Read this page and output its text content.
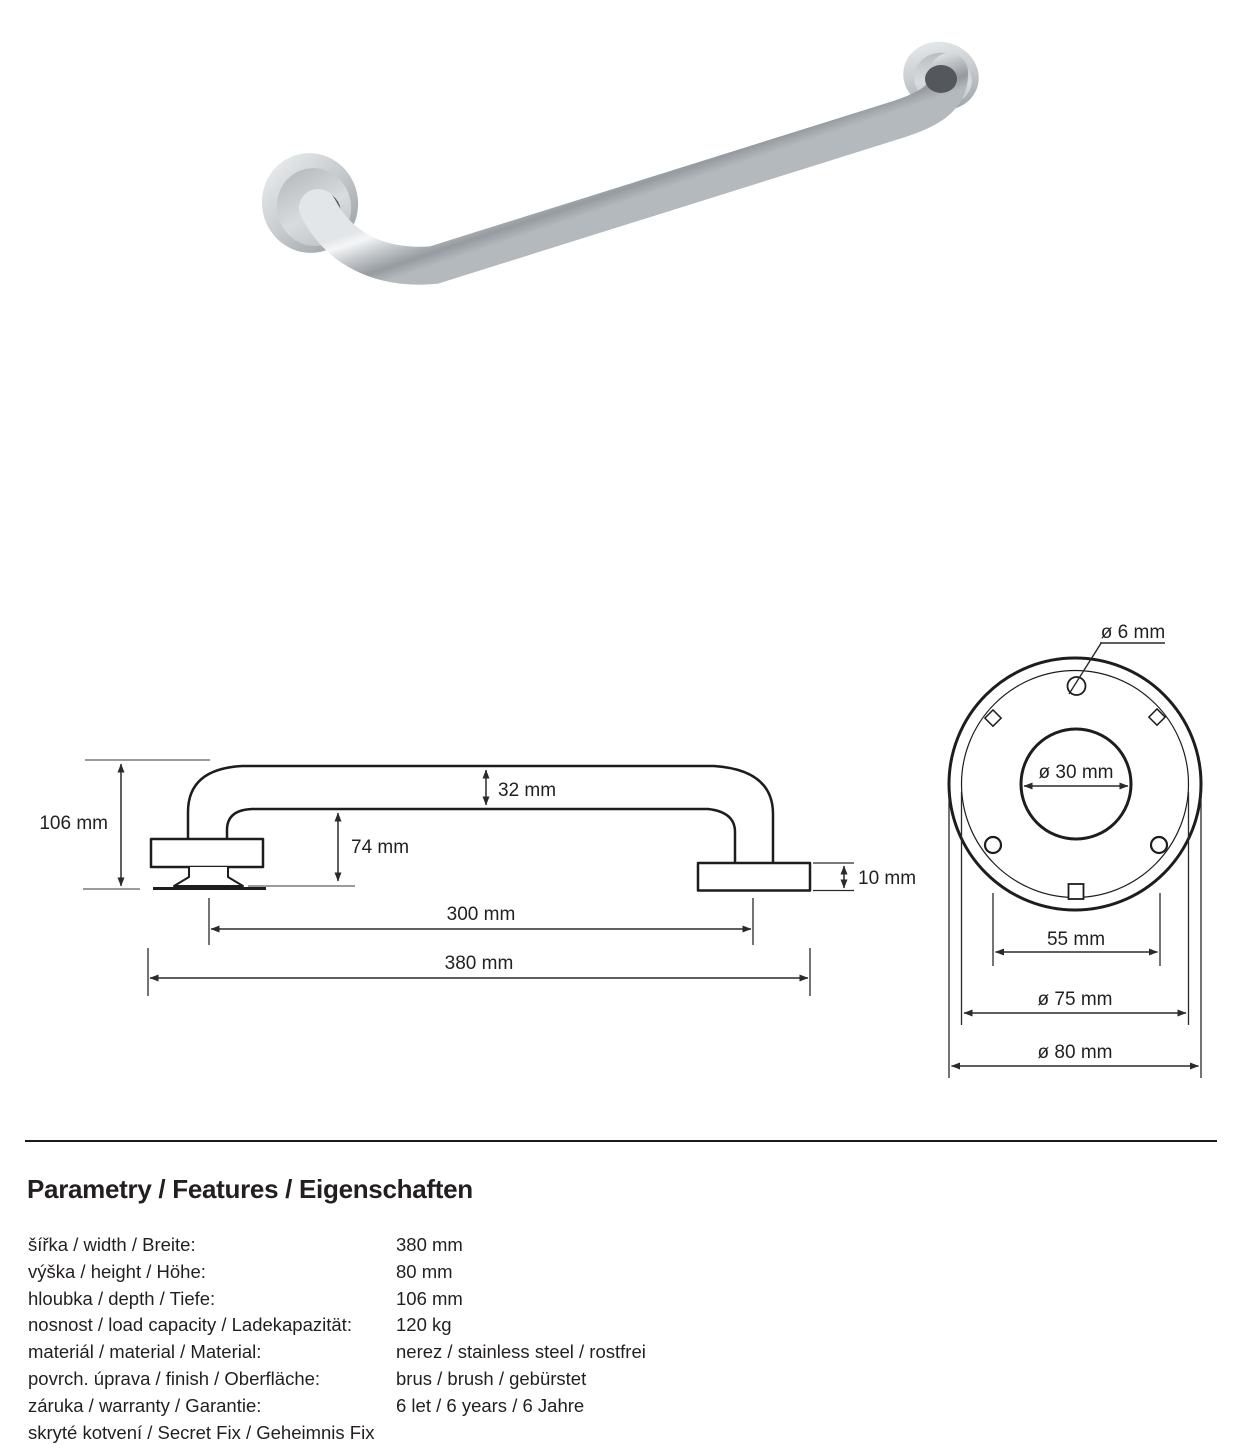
106 mm
32 mm
74 mm
10 mm
300 mm
380 mm
ø 6 mm
ø 30 mm
55 mm
ø 75 mm
ø 80 mm
Parametry / Features / Eigenschaften
šířka / width / Breite:	380 mm
výška / height / Höhe:	80 mm
hloubka / depth / Tiefe:	106 mm
nosnost / load capacity / Ladekapazität:	120 kg
materiál / material / Material:	nerez / stainless steel / rostfrei
povrch. úprava / finish / Oberfläche:	brus / brush / gebürstet
záruka / warranty / Garantie:	6 let / 6 years / 6 Jahre
skryté kotvení / Secret Fix / Geheimnis Fix
